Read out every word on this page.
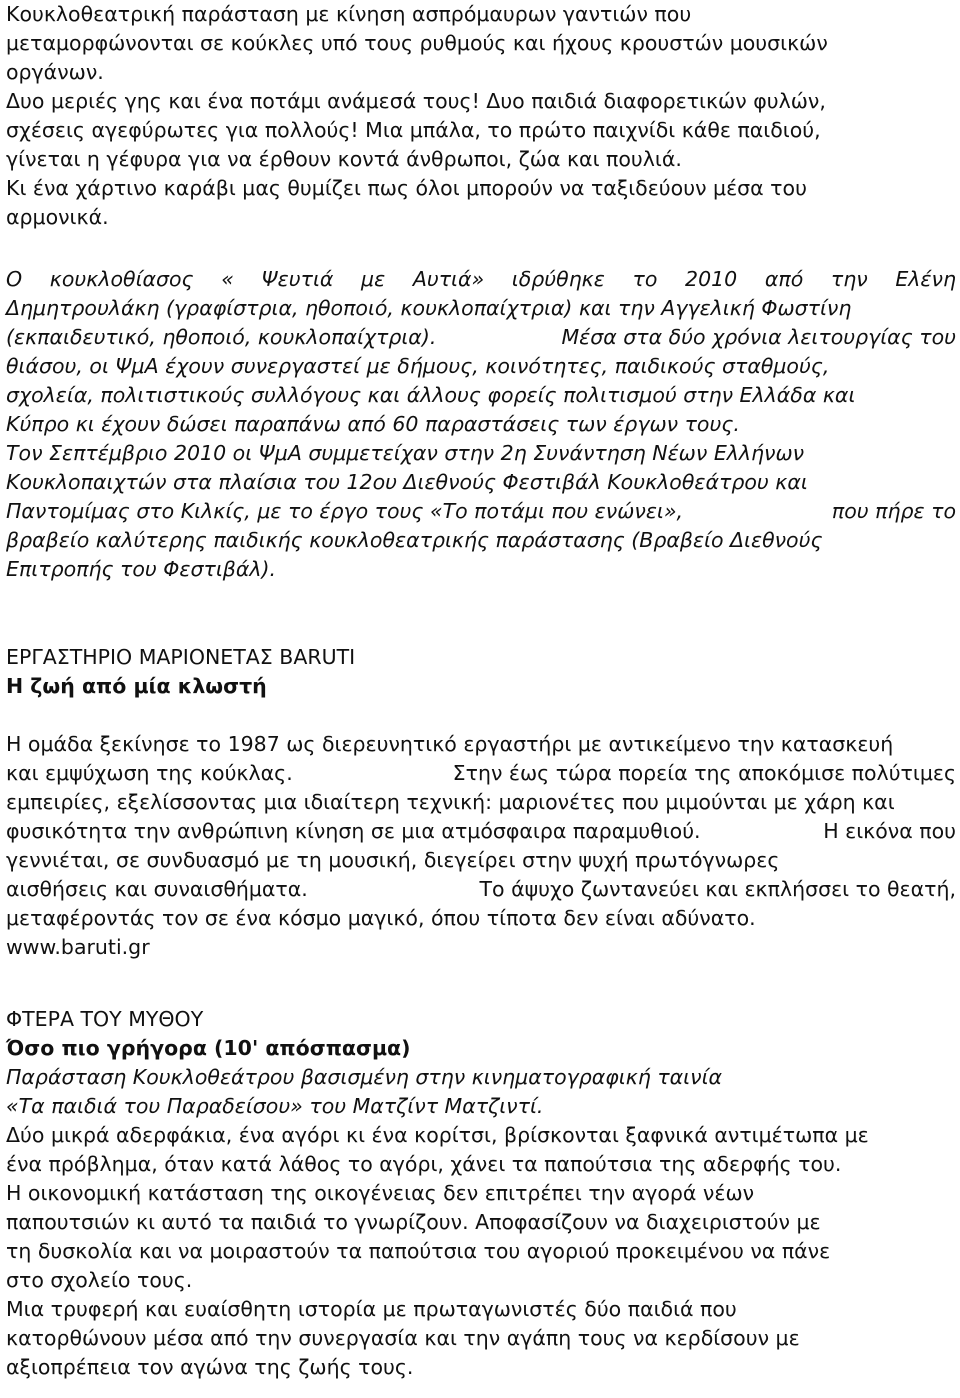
Κουκλοθεατρική παράσταση με κίνηση ασπρόμαυρων γαντιών που
μεταμορφώνονται σε κούκλες υπό τους ρυθμούς και ήχους κρουστών μουσικών
οργάνων.
Δυο μεριές γης και ένα ποτάμι ανάμεσά τους! Δυο παιδιά διαφορετικών φυλών,
σχέσεις αγεφύρωτες για πολλούς! Μια μπάλα, το πρώτο παιχνίδι κάθε παιδιού,
γίνεται η γέφυρα για να έρθουν κοντά άνθρωποι, ζώα και πουλιά.
Κι ένα χάρτινο καράβι μας θυμίζει πως όλοι μπορούν να ταξιδεύουν μέσα του
αρμονικά.
Ο κουκλοθίασος « Ψευτιά με Αυτιά» ιδρύθηκε το 2010 από την Ελένη
Δημητρουλάκη (γραφίστρια, ηθοποιό, κουκλοπαίχτρια) και την Αγγελική Φωστίνη
(εκπαιδευτικό, ηθοποιό, κουκλοπαίχτρια).	Μέσα στα δύο χρόνια λειτουργίας του
θιάσου, οι ΨμΑ έχουν συνεργαστεί με δήμους, κοινότητες, παιδικούς σταθμούς,
σχολεία, πολιτιστικούς συλλόγους και άλλους φορείς πολιτισμού στην Ελλάδα και
Κύπρο κι έχουν δώσει παραπάνω από 60 παραστάσεις των έργων τους.
Τον Σεπτέμβριο 2010 οι ΨμΑ συμμετείχαν στην 2η Συνάντηση Νέων Ελλήνων
Κουκλοπαιχτών στα πλαίσια του 12ου Διεθνούς Φεστιβάλ Κουκλοθεάτρου και
Παντομίμας στο Κιλκίς, με το έργο τους «Το ποτάμι που ενώνει»,	που πήρε το
βραβείο καλύτερης παιδικής κουκλοθεατρικής παράστασης (Βραβείο Διεθνούς
Επιτροπής του Φεστιβάλ).
ΕΡΓΑΣΤΗΡΙΟ ΜΑΡΙΟΝΕΤΑΣ BARUTI
Η ζωή από μία κλωστή
Η ομάδα ξεκίνησε το 1987 ως διερευνητικό εργαστήρι με αντικείμενο την κατασκευή
και εμψύχωση της κούκλας.	Στην έως τώρα πορεία της αποκόμισε πολύτιμες
εμπειρίες, εξελίσσοντας μια ιδιαίτερη τεχνική: μαριονέτες που μιμούνται με χάρη και
φυσικότητα την ανθρώπινη κίνηση σε μια ατμόσφαιρα παραμυθιού.	Η εικόνα που
γεννιέται, σε συνδυασμό με τη μουσική, διεγείρει στην ψυχή πρωτόγνωρες
αισθήσεις και συναισθήματα.	Το άψυχο ζωντανεύει και εκπλήσσει το θεατή,
μεταφέροντάς τον σε ένα κόσμο μαγικό, όπου τίποτα δεν είναι αδύνατο.
www.baruti.gr
ΦΤΕΡΑ ΤΟΥ ΜΥΘΟΥ
Όσο πιο γρήγορα (10' απόσπασμα)
Παράσταση Κουκλοθεάτρου βασισμένη στην κινηματογραφική ταινία
«Τα παιδιά του Παραδείσου» του Ματζίντ Ματζιντί.
Δύο μικρά αδερφάκια, ένα αγόρι κι ένα κορίτσι, βρίσκονται ξαφνικά αντιμέτωπα με
ένα πρόβλημα, όταν κατά λάθος το αγόρι, χάνει τα παπούτσια της αδερφής του.
Η οικονομική κατάσταση της οικογένειας δεν επιτρέπει την αγορά νέων
παπουτσιών κι αυτό τα παιδιά το γνωρίζουν. Αποφασίζουν να διαχειριστούν με
τη δυσκολία και να μοιραστούν τα παπούτσια του αγοριού προκειμένου να πάνε
στο σχολείο τους.
Μια τρυφερή και ευαίσθητη ιστορία με πρωταγωνιστές δύο παιδιά που
κατορθώνουν μέσα από την συνεργασία και την αγάπη τους να κερδίσουν με
αξιοπρέπεια τον αγώνα της ζωής τους.
